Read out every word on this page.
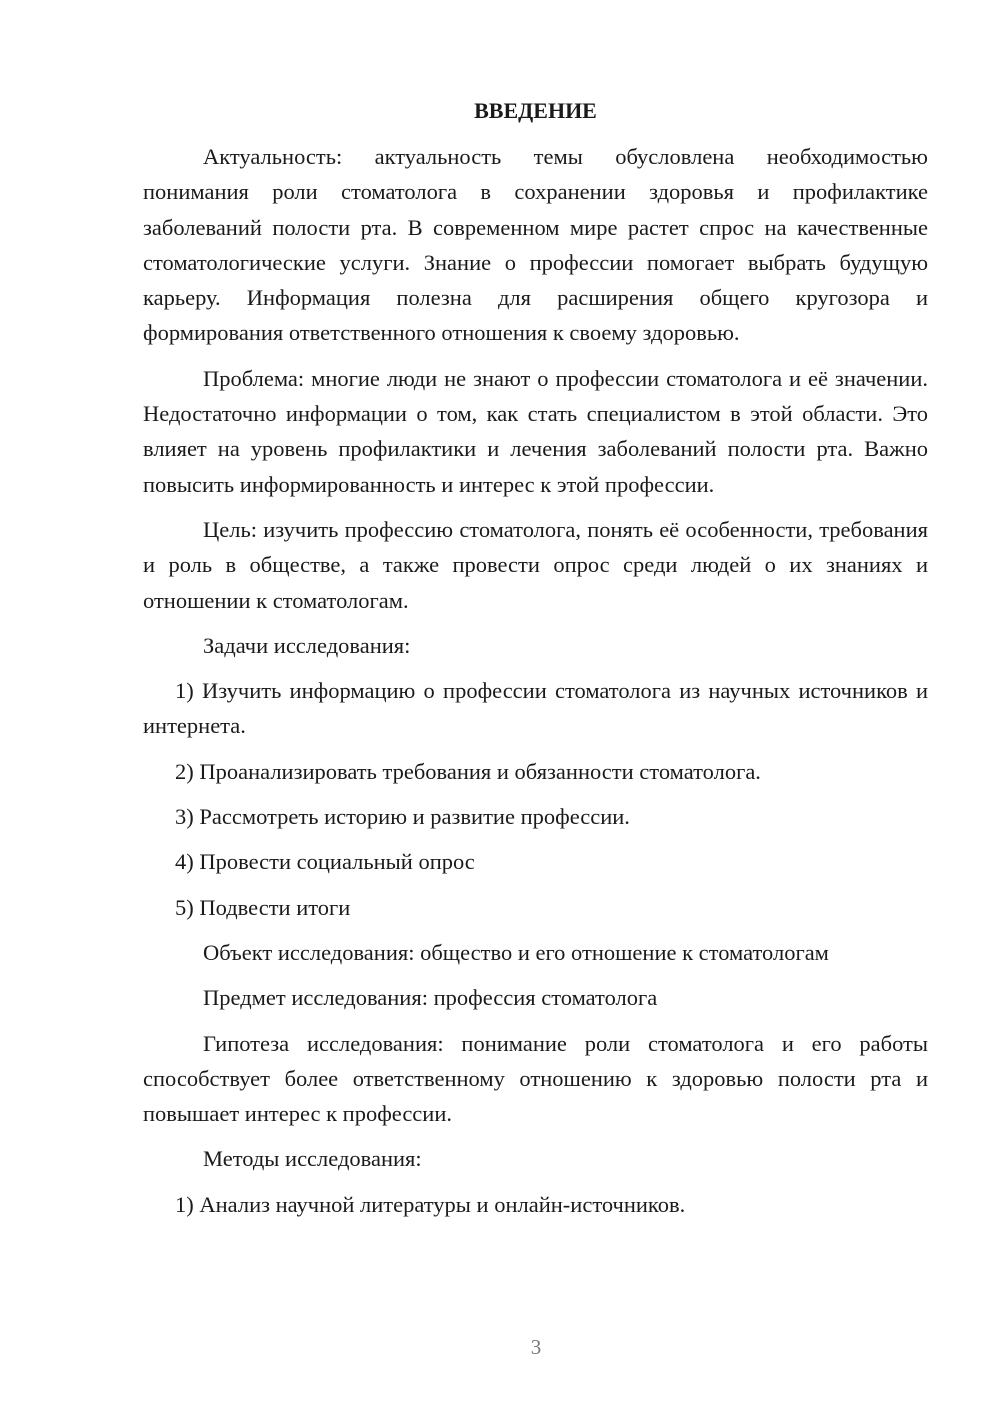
ВВЕДЕНИЕ

Актуальность: актуальность темы обусловлена необходимостью понимания роли стоматолога в сохранении здоровья и профилактике заболеваний полости рта. В современном мире растет спрос на качественные стоматологические услуги. Знание о профессии помогает выбрать будущую карьеру. Информация полезна для расширения общего кругозора и формирования ответственного отношения к своему здоровью.

Проблема: многие люди не знают о профессии стоматолога и её значении. Недостаточно информации о том, как стать специалистом в этой области. Это влияет на уровень профилактики и лечения заболеваний полости рта. Важно повысить информированность и интерес к этой профессии.

Цель: изучить профессию стоматолога, понять её особенности, требования и роль в обществе, а также провести опрос среди людей о их знаниях и отношении к стоматологам.

Задачи исследования:

1) Изучить информацию о профессии стоматолога из научных источников и интернета.

2) Проанализировать требования и обязанности стоматолога.

3) Рассмотреть историю и развитие профессии.

4) Провести социальный опрос

5) Подвести итоги

Объект исследования: общество и его отношение к стоматологам

Предмет исследования: профессия стоматолога

Гипотеза исследования: понимание роли стоматолога и его работы способствует более ответственному отношению к здоровью полости рта и повышает интерес к профессии.

Методы исследования:

1) Анализ научной литературы и онлайн-источников.

3
